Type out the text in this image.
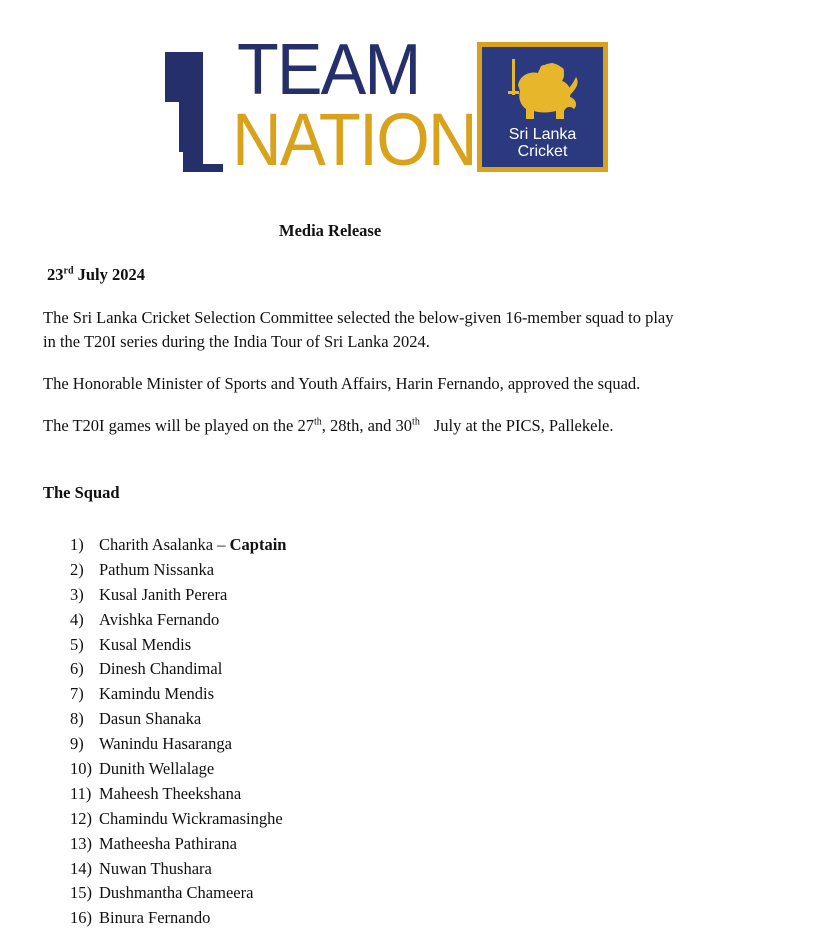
TEAM
NATION	Sri Lanka
Cricket
Media Release
23rd July 2024
The Sri Lanka Cricket Selection Committee selected the below-given 16-member squad to play
in the T20I series during the India Tour of Sri Lanka 2024.
The Honorable Minister of Sports and Youth Affairs, Harin Fernando, approved the squad.
The T20I games will be played on the 27th, 28th, and 30th July at the PICS, Pallekele.
The Squad
1) Charith Asalanka – Captain
2) Pathum Nissanka
3) Kusal Janith Perera
4) Avishka Fernando
5) Kusal Mendis
6) Dinesh Chandimal
7) Kamindu Mendis
8) Dasun Shanaka
9) Wanindu Hasaranga
10) Dunith Wellalage
11) Maheesh Theekshana
12) Chamindu Wickramasinghe
13) Matheesha Pathirana
14) Nuwan Thushara
15) Dushmantha Chameera
16) Binura Fernando
